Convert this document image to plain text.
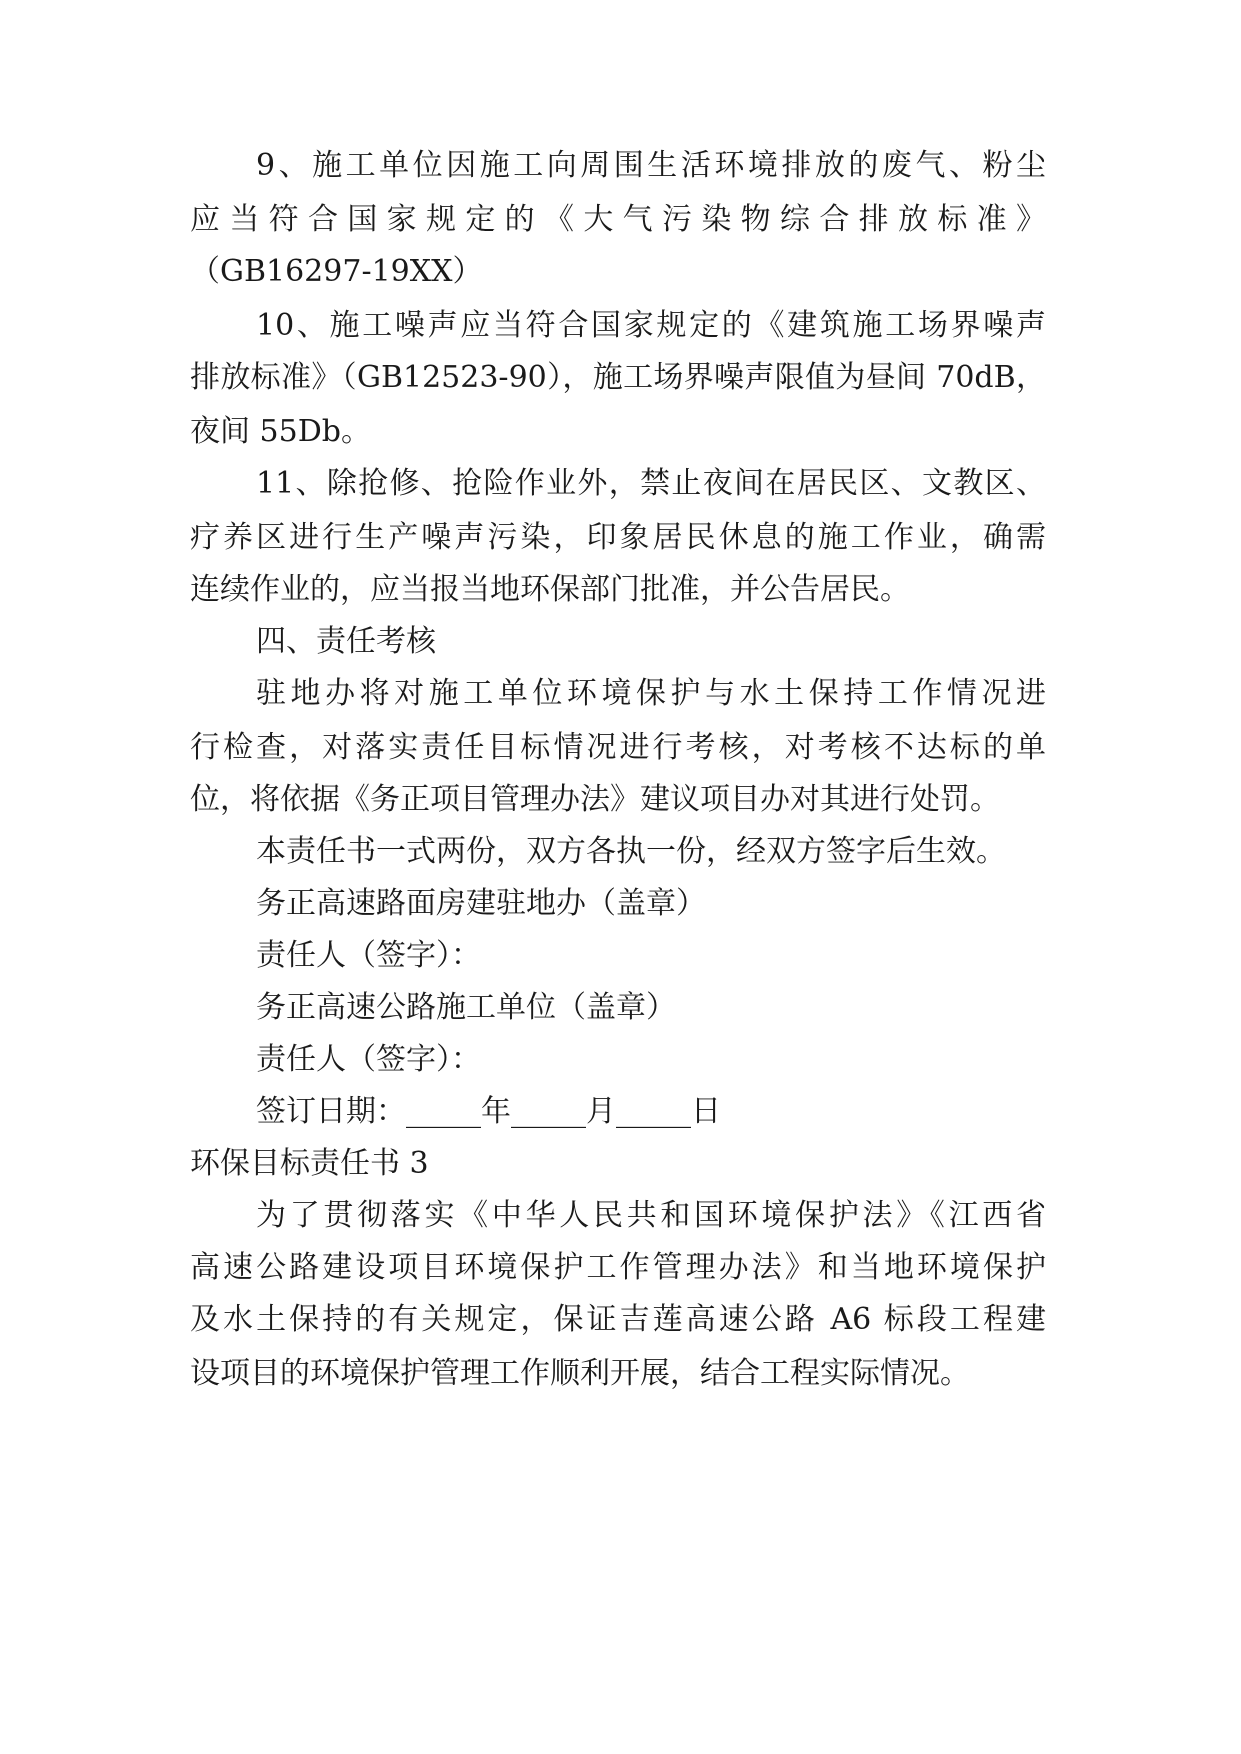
9、施工单位因施工向周围生活环境排放的废气、粉尘
应当符合国家规定的《大气污染物综合排放标准》
（GB16297-19XX）
10、施工噪声应当符合国家规定的《建筑施工场界噪声
排放标准》（GB12523-90），施工场界噪声限值为昼间 70dB，
夜间 55Db。
11、除抢修、抢险作业外，禁止夜间在居民区、文教区、
疗养区进行生产噪声污染，印象居民休息的施工作业，确需
连续作业的，应当报当地环保部门批准，并公告居民。
四、责任考核
驻地办将对施工单位环境保护与水土保持工作情况进
行检查，对落实责任目标情况进行考核，对考核不达标的单
位，将依据《务正项目管理办法》建议项目办对其进行处罚。
本责任书一式两份，双方各执一份，经双方签字后生效。
务正高速路面房建驻地办（盖章）
责任人（签字）：
务正高速公路施工单位（盖章）
责任人（签字）：
签订日期：_____年_____月_____日
环保目标责任书 3
为了贯彻落实《中华人民共和国环境保护法》《江西省
高速公路建设项目环境保护工作管理办法》和当地环境保护
及水土保持的有关规定，保证吉莲高速公路 A6 标段工程建
设项目的环境保护管理工作顺利开展，结合工程实际情况。
